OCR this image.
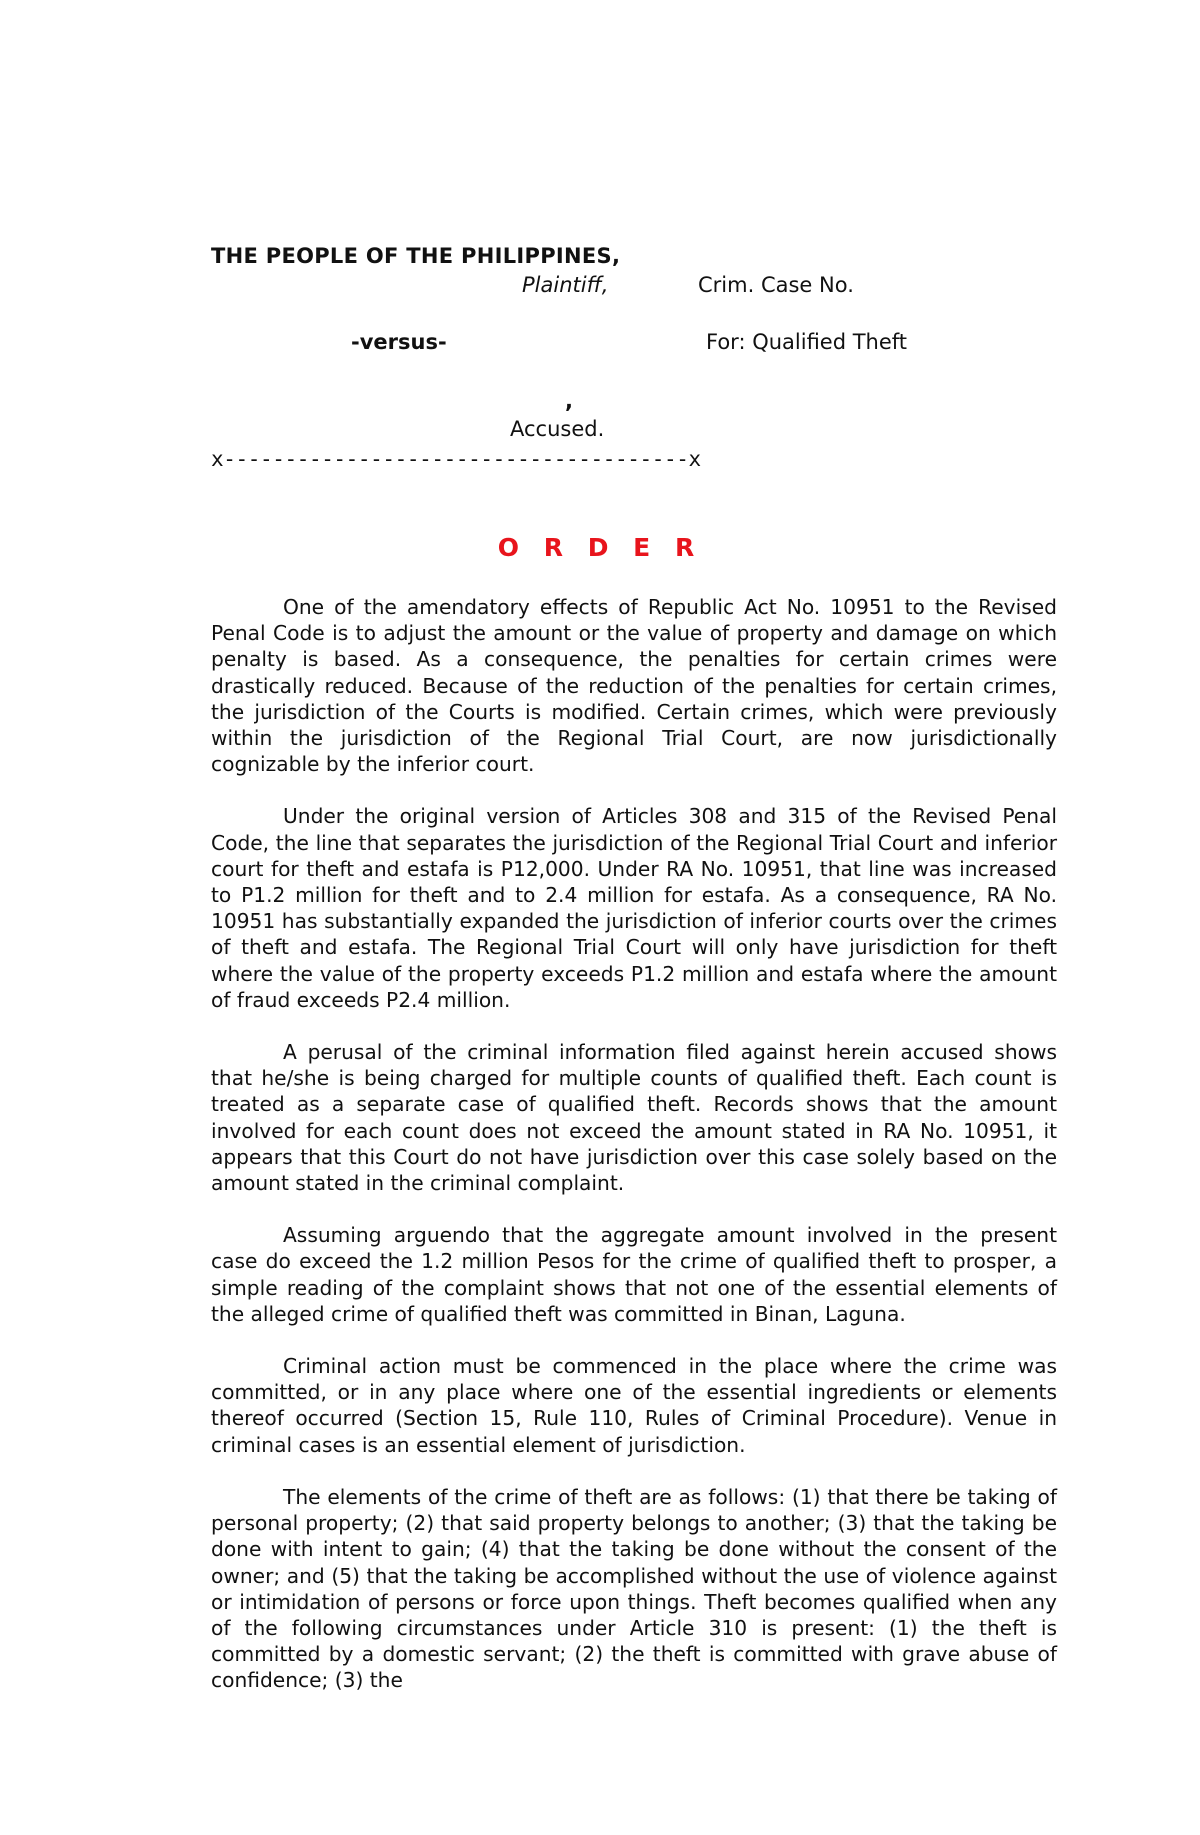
THE PEOPLE OF THE PHILIPPINES,
Plaintiff,	Crim. Case No.
-versus-	For: Qualified Theft
,
Accused.
x--------------------------------------x
O R D E R

One of the amendatory effects of Republic Act No. 10951 to the Revised Penal Code is to adjust the amount or the value of property and damage on which penalty is based. As a consequence, the penalties for certain crimes were drastically reduced. Because of the reduction of the penalties for certain crimes, the jurisdiction of the Courts is modified. Certain crimes, which were previously within the jurisdiction of the Regional Trial Court, are now jurisdictionally cognizable by the inferior court.

Under the original version of Articles 308 and 315 of the Revised Penal Code, the line that separates the jurisdiction of the Regional Trial Court and inferior court for theft and estafa is P12,000. Under RA No. 10951, that line was increased to P1.2 million for theft and to 2.4 million for estafa. As a consequence, RA No. 10951 has substantially expanded the jurisdiction of inferior courts over the crimes of theft and estafa. The Regional Trial Court will only have jurisdiction for theft where the value of the property exceeds P1.2 million and estafa where the amount of fraud exceeds P2.4 million.

A perusal of the criminal information filed against herein accused shows that he/she is being charged for multiple counts of qualified theft. Each count is treated as a separate case of qualified theft. Records shows that the amount involved for each count does not exceed the amount stated in RA No. 10951, it appears that this Court do not have jurisdiction over this case solely based on the amount stated in the criminal complaint.

Assuming arguendo that the aggregate amount involved in the present case do exceed the 1.2 million Pesos for the crime of qualified theft to prosper, a simple reading of the complaint shows that not one of the essential elements of the alleged crime of qualified theft was committed in Binan, Laguna.

Criminal action must be commenced in the place where the crime was committed, or in any place where one of the essential ingredients or elements thereof occurred (Section 15, Rule 110, Rules of Criminal Procedure). Venue in criminal cases is an essential element of jurisdiction.

The elements of the crime of theft are as follows: (1) that there be taking of personal property; (2) that said property belongs to another; (3) that the taking be done with intent to gain; (4) that the taking be done without the consent of the owner; and (5) that the taking be accomplished without the use of violence against or intimidation of persons or force upon things. Theft becomes qualified when any of the following circumstances under Article 310 is present: (1) the theft is committed by a domestic servant; (2) the theft is committed with grave abuse of confidence; (3) the
